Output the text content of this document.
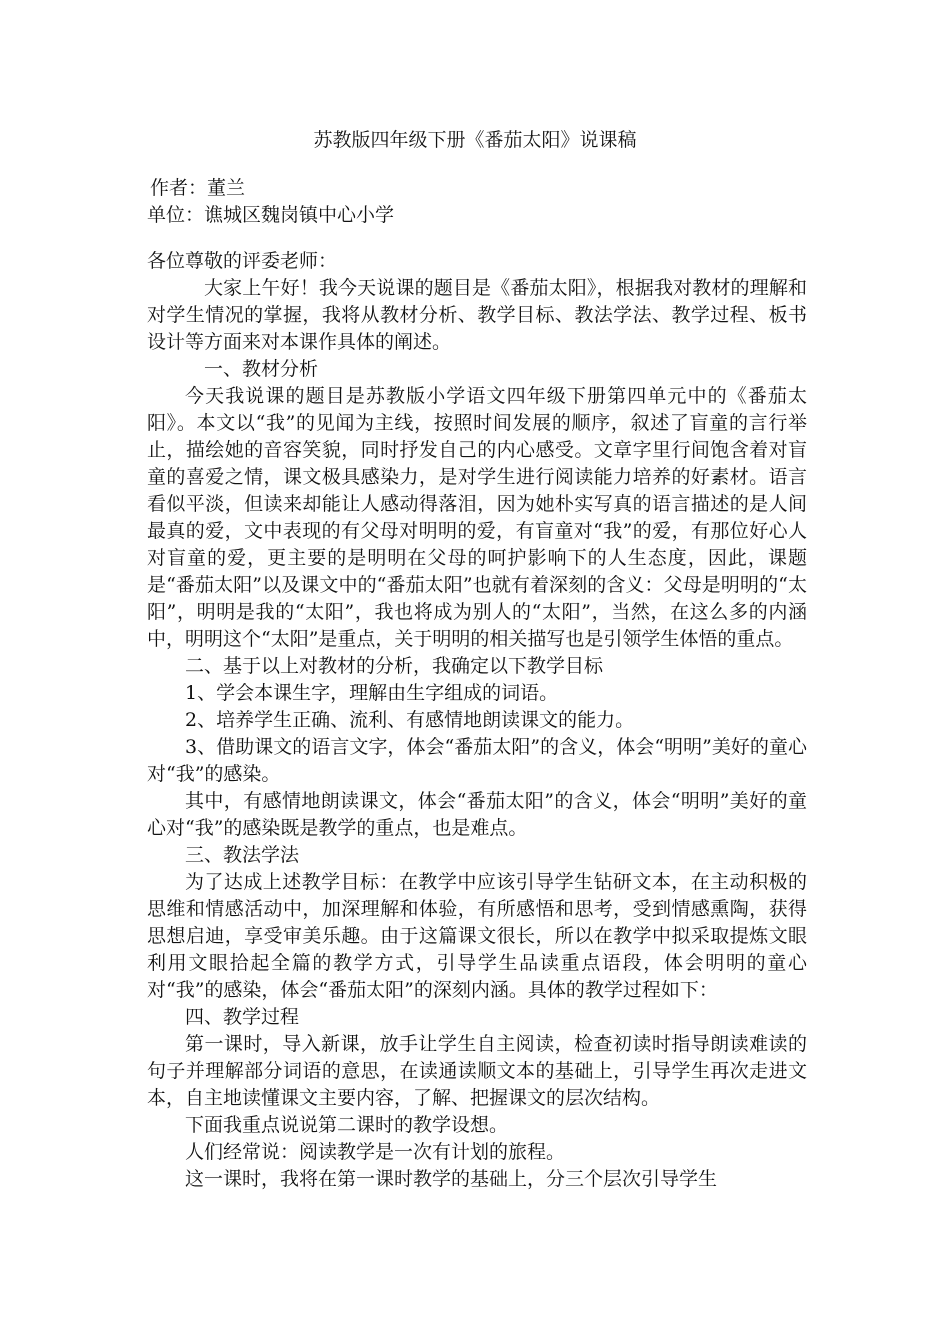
苏教版四年级下册《番茄太阳》说课稿
作者：董兰
单位：谯城区魏岗镇中心小学

各位尊敬的评委老师：

大家上午好！我今天说课的题目是《番茄太阳》，根据我对教材的理解和对学生情况的掌握，我将从教材分析、教学目标、教法学法、教学过程、板书设计等方面来对本课作具体的阐述。

一、教材分析

今天我说课的题目是苏教版小学语文四年级下册第四单元中的《番茄太阳》。本文以“我”的见闻为主线，按照时间发展的顺序，叙述了盲童的言行举止，描绘她的音容笑貌，同时抒发自己的内心感受。文章字里行间饱含着对盲童的喜爱之情，课文极具感染力，是对学生进行阅读能力培养的好素材。语言看似平淡，但读来却能让人感动得落泪，因为她朴实写真的语言描述的是人间最真的爱，文中表现的有父母对明明的爱，有盲童对“我”的爱，有那位好心人对盲童的爱，更主要的是明明在父母的呵护影响下的人生态度，因此，课题是“番茄太阳”以及课文中的“番茄太阳”也就有着深刻的含义：父母是明明的“太阳”，明明是我的“太阳”，我也将成为别人的“太阳”，当然，在这么多的内涵中，明明这个“太阳”是重点，关于明明的相关描写也是引领学生体悟的重点。

二、基于以上对教材的分析，我确定以下教学目标

1、学会本课生字，理解由生字组成的词语。

2、培养学生正确、流利、有感情地朗读课文的能力。

3、借助课文的语言文字，体会“番茄太阳”的含义，体会“明明”美好的童心对“我”的感染。

其中，有感情地朗读课文，体会“番茄太阳”的含义，体会“明明”美好的童心对“我”的感染既是教学的重点，也是难点。

三、教法学法

为了达成上述教学目标：在教学中应该引导学生钻研文本，在主动积极的思维和情感活动中，加深理解和体验，有所感悟和思考，受到情感熏陶，获得思想启迪，享受审美乐趣。由于这篇课文很长，所以在教学中拟采取提炼文眼利用文眼拾起全篇的教学方式，引导学生品读重点语段，体会明明的童心对“我”的感染，体会“番茄太阳”的深刻内涵。具体的教学过程如下：

四、教学过程

第一课时，导入新课，放手让学生自主阅读，检查初读时指导朗读难读的句子并理解部分词语的意思，在读通读顺文本的基础上，引导学生再次走进文本，自主地读懂课文主要内容，了解、把握课文的层次结构。

下面我重点说说第二课时的教学设想。

人们经常说：阅读教学是一次有计划的旅程。

这一课时，我将在第一课时教学的基础上，分三个层次引导学生
